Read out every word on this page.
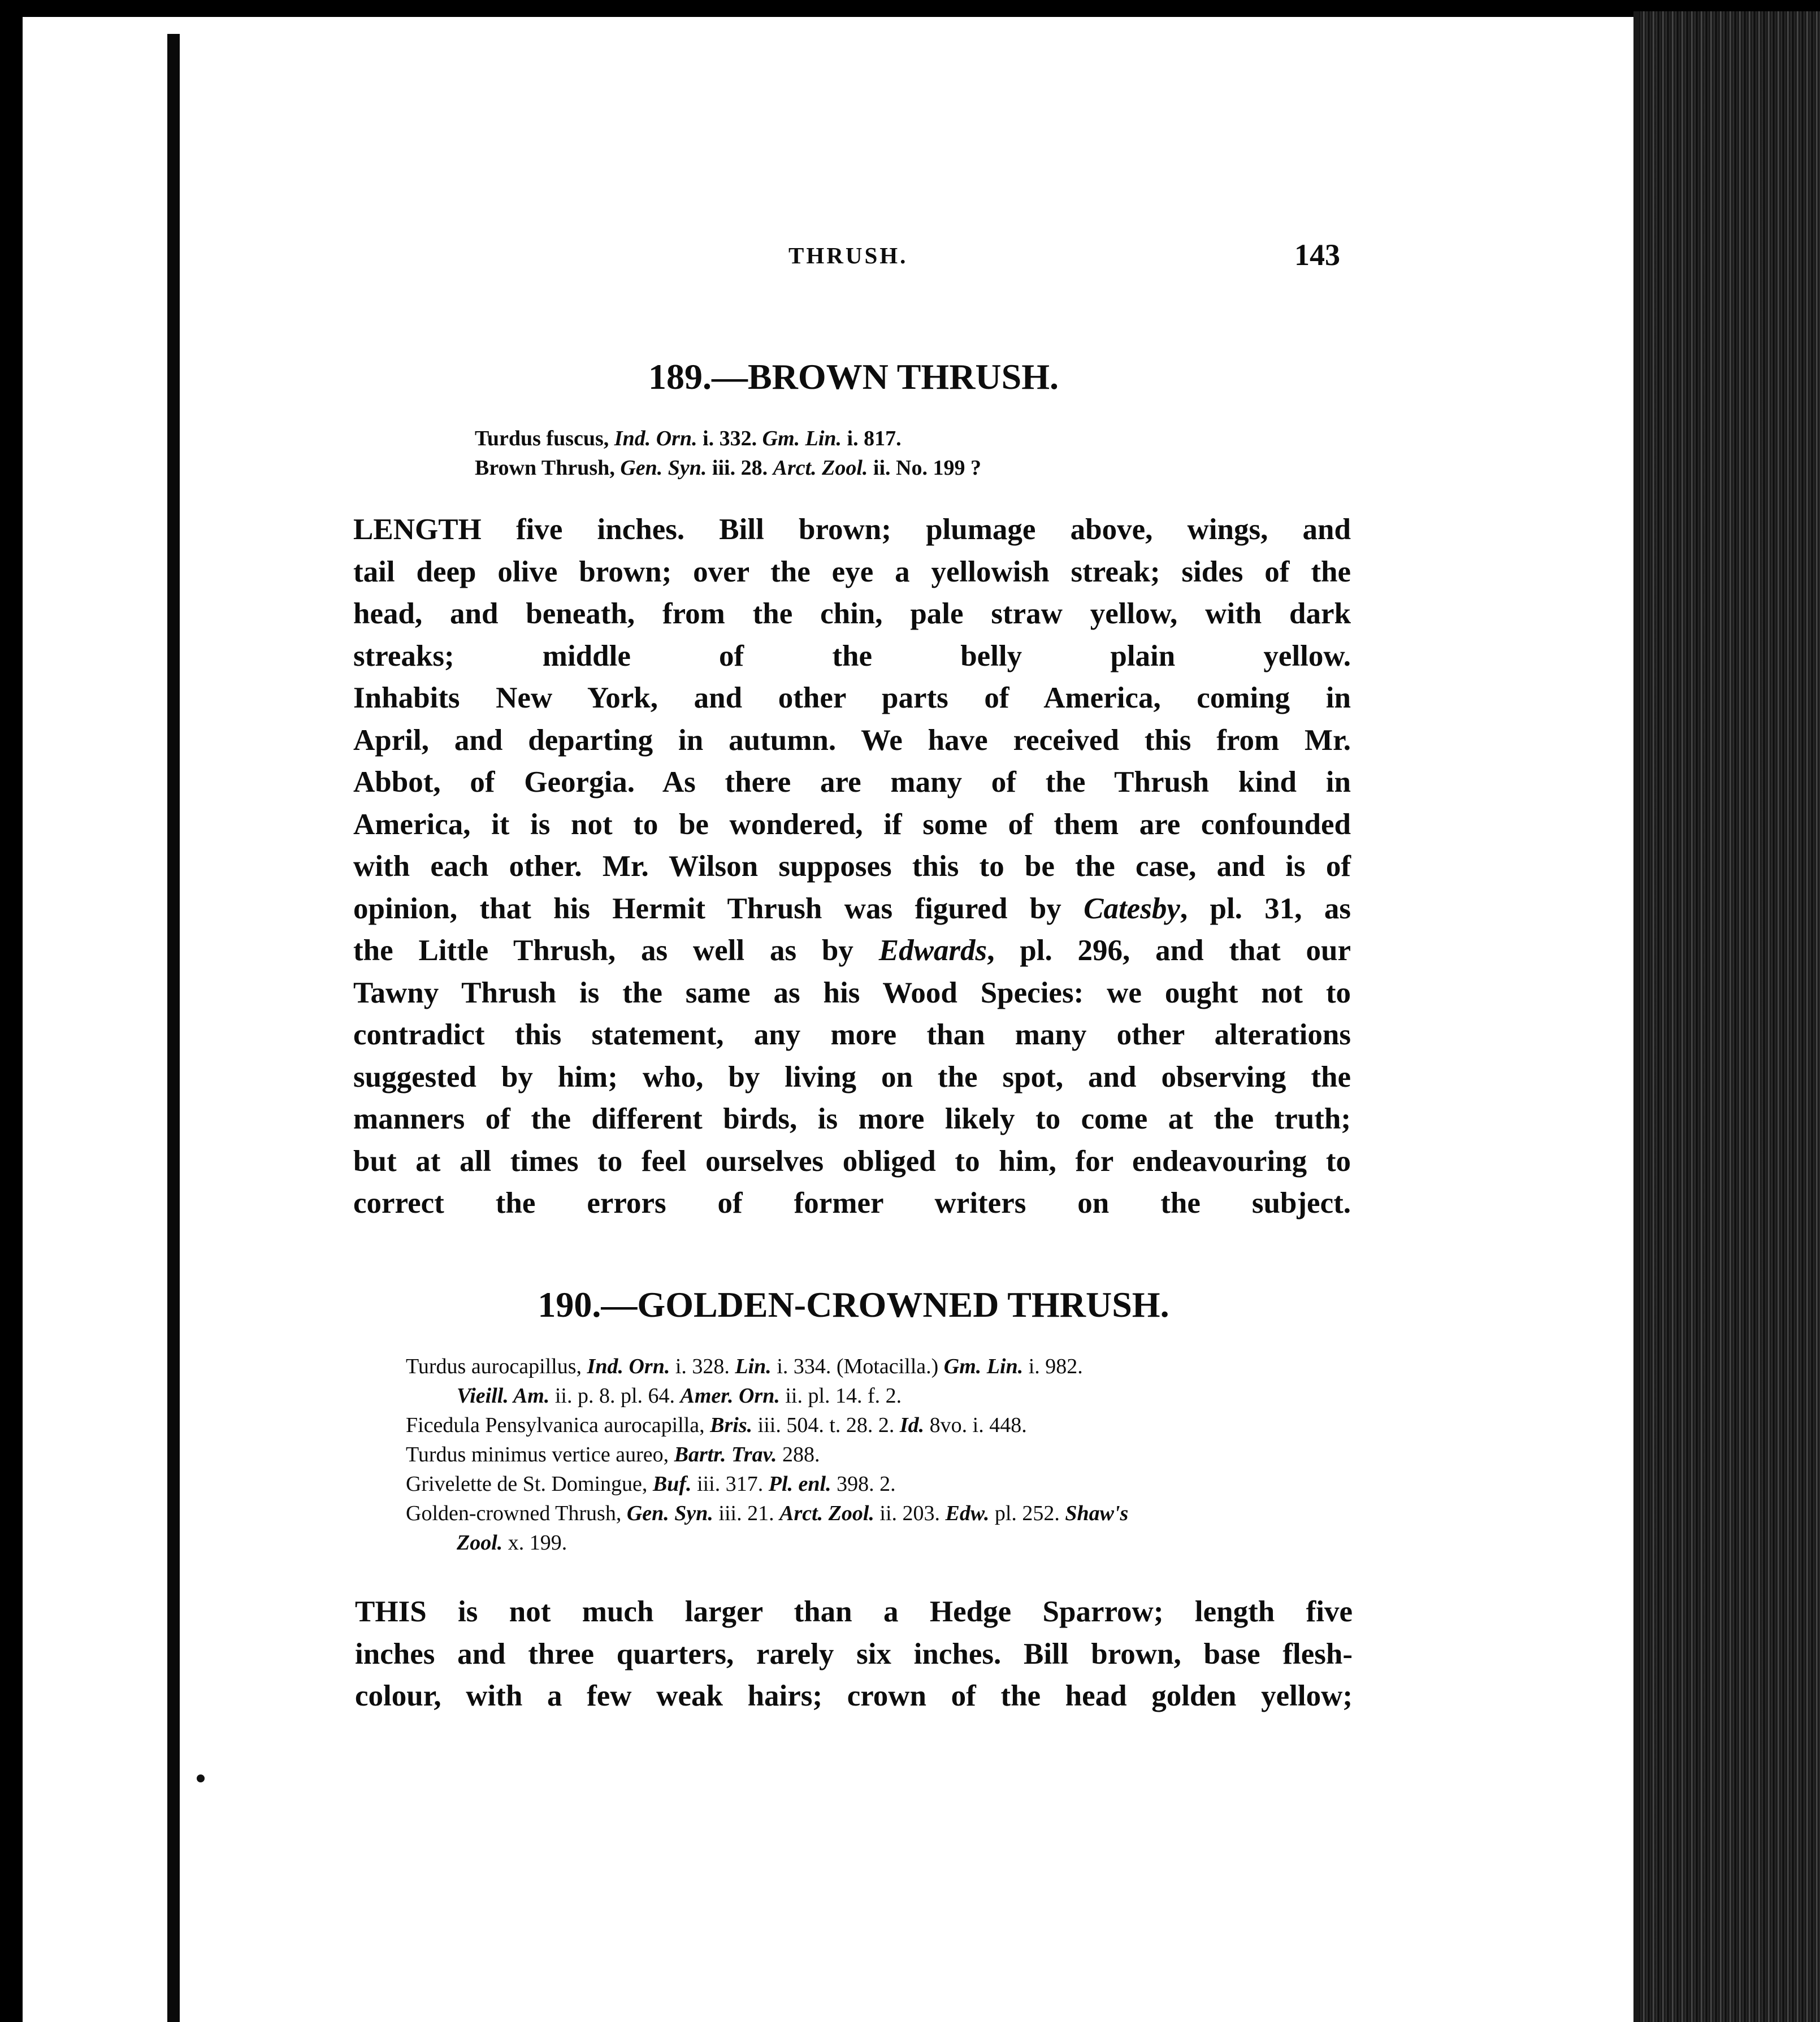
THRUSH.	143
189.—BROWN THRUSH.
Turdus fuscus, Ind. Orn. i. 332. Gm. Lin. i. 817.
Brown Thrush, Gen. Syn. iii. 28. Arct. Zool. ii. No. 199 ?
LENGTH five inches. Bill brown; plumage above, wings, and
tail deep olive brown; over the eye a yellowish streak; sides of the
head, and beneath, from the chin, pale straw yellow, with dark
streaks; middle of the belly plain yellow.
Inhabits New York, and other parts of America, coming in
April, and departing in autumn. We have received this from Mr.
Abbot, of Georgia. As there are many of the Thrush kind in
America, it is not to be wondered, if some of them are confounded
with each other. Mr. Wilson supposes this to be the case, and is of
opinion, that his Hermit Thrush was figured by Catesby, pl. 31, as
the Little Thrush, as well as by Edwards, pl. 296, and that our
Tawny Thrush is the same as his Wood Species: we ought not to
contradict this statement, any more than many other alterations
suggested by him; who, by living on the spot, and observing the
manners of the different birds, is more likely to come at the truth;
but at all times to feel ourselves obliged to him, for endeavouring to
correct the errors of former writers on the subject.
190.—GOLDEN-CROWNED THRUSH.
Turdus aurocapillus, Ind. Orn. i. 328. Lin. i. 334. (Motacilla.) Gm. Lin. i. 982.
Vieill. Am. ii. p. 8. pl. 64. Amer. Orn. ii. pl. 14. f. 2.
Ficedula Pensylvanica aurocapilla, Bris. iii. 504. t. 28. 2. Id. 8vo. i. 448.
Turdus minimus vertice aureo, Bartr. Trav. 288.
Grivelette de St. Domingue, Buf. iii. 317. Pl. enl. 398. 2.
Golden-crowned Thrush, Gen. Syn. iii. 21. Arct. Zool. ii. 203. Edw. pl. 252. Shaw's
Zool. x. 199.
THIS is not much larger than a Hedge Sparrow; length five
inches and three quarters, rarely six inches. Bill brown, base flesh-
colour, with a few weak hairs; crown of the head golden yellow;
